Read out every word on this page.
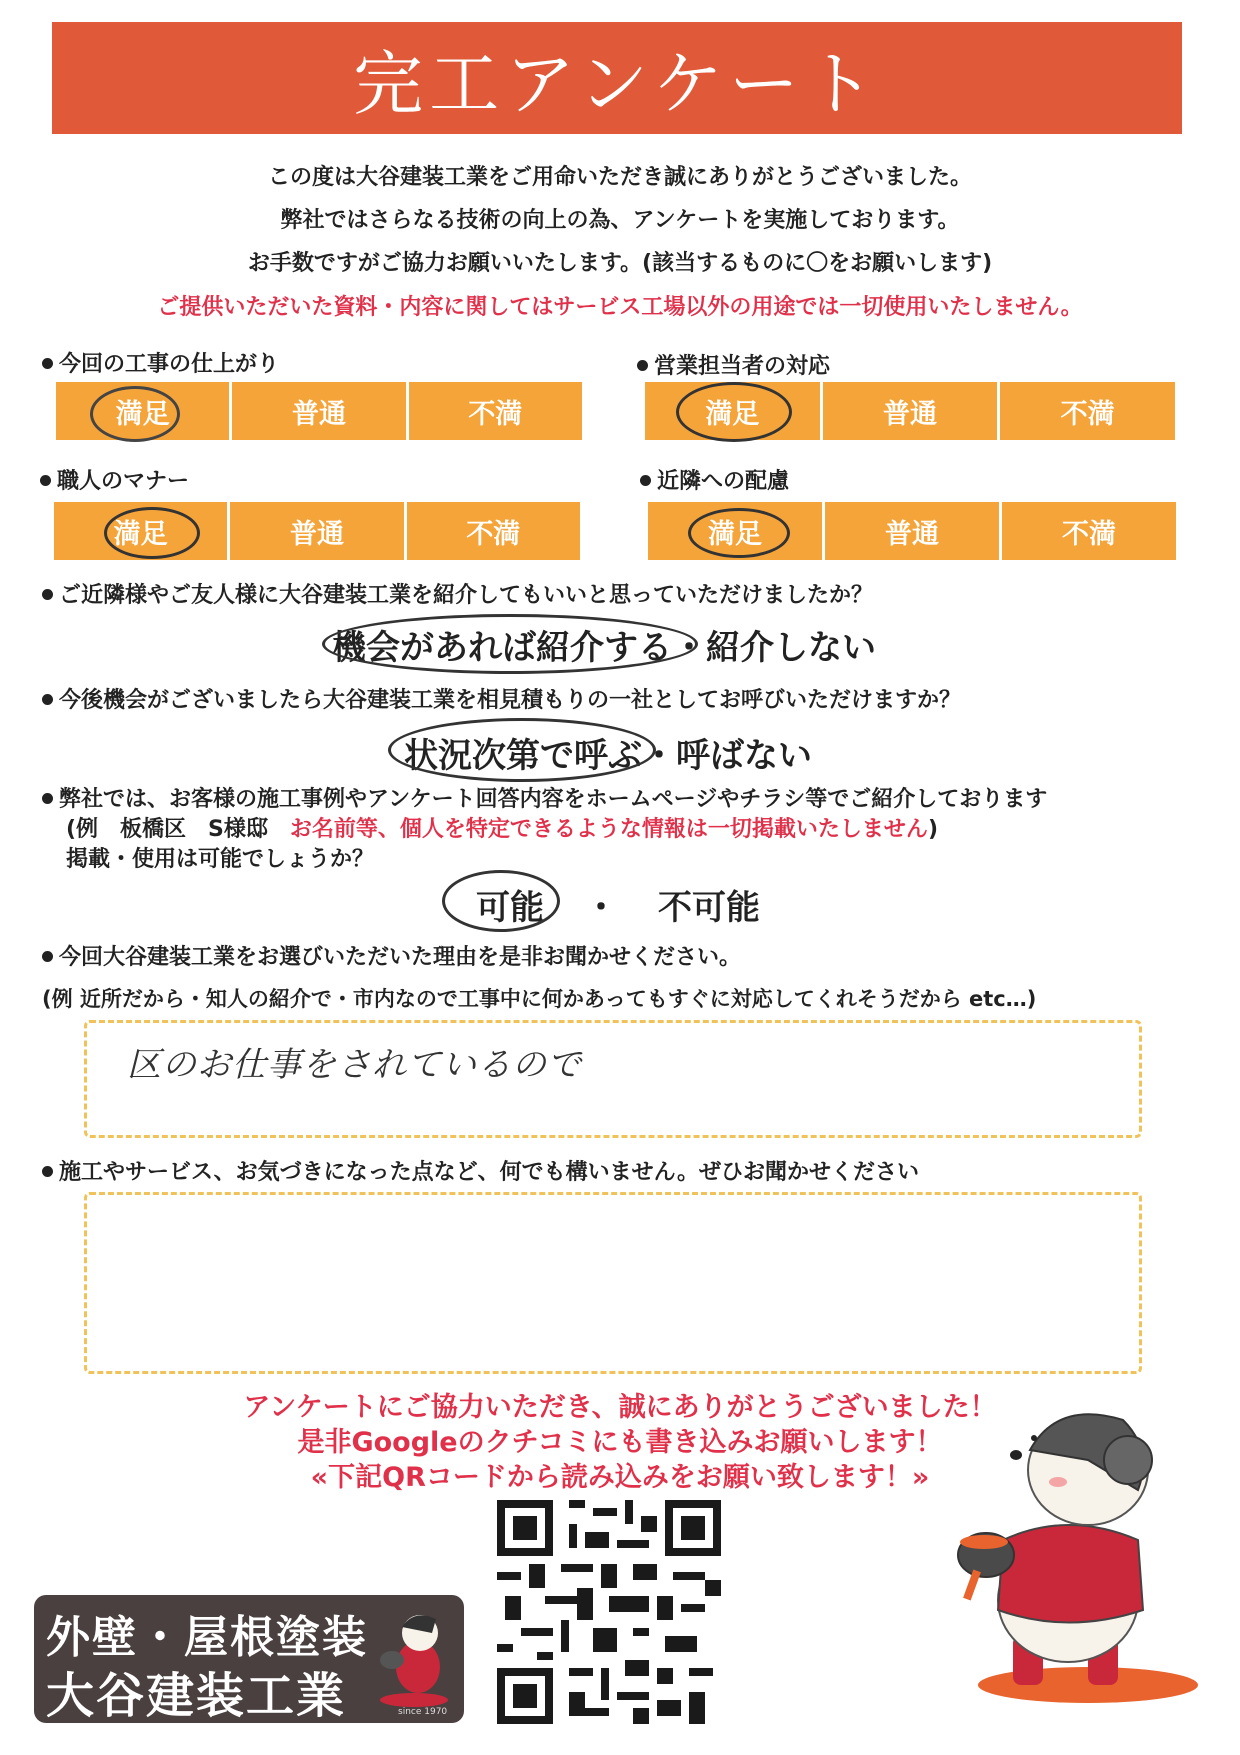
完工アンケート
この度は大谷建装工業をご用命いただき誠にありがとうございました。
弊社ではさらなる技術の向上の為、アンケートを実施しております。
お手数ですがご協力お願いいたします。(該当するものに〇をお願いします)
ご提供いただいた資料・内容に関してはサービス工場以外の用途では一切使用いたしません。
今回の工事の仕上がり
満足	普通	不満
営業担当者の対応
満足	普通	不満
職人のマナー
満足	普通	不満
近隣への配慮
満足	普通	不満
ご近隣様やご友人様に大谷建装工業を紹介してもいいと思っていただけましたか？
機会があれば紹介する・紹介しない
今後機会がございましたら大谷建装工業を相見積もりの一社としてお呼びいただけますか？
状況次第で呼ぶ・呼ばない
弊社では、お客様の施工事例やアンケート回答内容をホームページやチラシ等でご紹介しております
(例　板橋区　S様邸　 お名前等、個人を特定できるような情報は一切掲載いたしません)
掲載・使用は可能でしょうか？
可能 ・ 不可能
今回大谷建装工業をお選びいただいた理由を是非お聞かせください。
(例 近所だから・知人の紹介で・市内なので工事中に何かあってもすぐに対応してくれそうだから etc…)
区のお仕事をされているので
施工やサービス、お気づきになった点など、何でも構いません。ぜひお聞かせください
アンケートにご協力いただき、誠にありがとうございました！
是非Googleのクチコミにも書き込みお願いします！
«下記QRコードから読み込みをお願い致します！»
外壁・屋根塗装
大谷建装工業	since 1970
